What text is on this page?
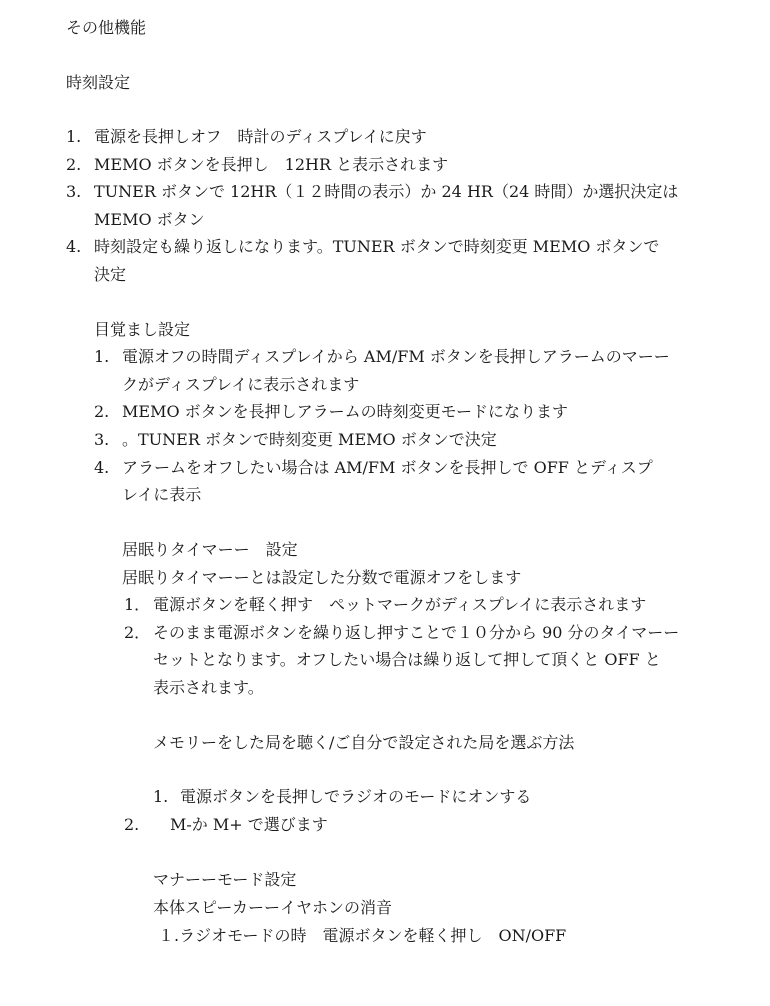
その他機能
時刻設定
1. 電源を長押しオフ　時計のディスプレイに戻す
2. MEMO ボタンを長押し　12HR と表示されます
3. TUNER ボタンで 12HR（１２時間の表示）か 24 HR（24 時間）か選択決定は
MEMO ボタン
4. 時刻設定も繰り返しになります。TUNER ボタンで時刻変更 MEMO ボタンで
決定
目覚まし設定
1. 電源オフの時間ディスプレイから AM/FM ボタンを長押しアラームのマーー
クがディスプレイに表示されます
2. MEMO ボタンを長押しアラームの時刻変更モードになります
3. 。TUNER ボタンで時刻変更 MEMO ボタンで決定
4. アラームをオフしたい場合は AM/FM ボタンを長押しで OFF とディスプ
レイに表示
居眠りタイマーー　設定
居眠りタイマーーとは設定した分数で電源オフをします
1． 電源ボタンを軽く押す　ペットマークがディスプレイに表示されます
2． そのまま電源ボタンを繰り返し押すことで１０分から 90 分のタイマーー
セットとなります。オフしたい場合は繰り返して押して頂くと OFF と
表示されます。
メモリーをした局を聴く/ご自分で設定された局を選ぶ方法
1. 電源ボタンを長押しでラジオのモードにオンする
2. M-か M+ で選びます
マナーーモード設定
本体スピーカーーイヤホンの消音
１.ラジオモードの時　電源ボタンを軽く押し　ON/OFF
